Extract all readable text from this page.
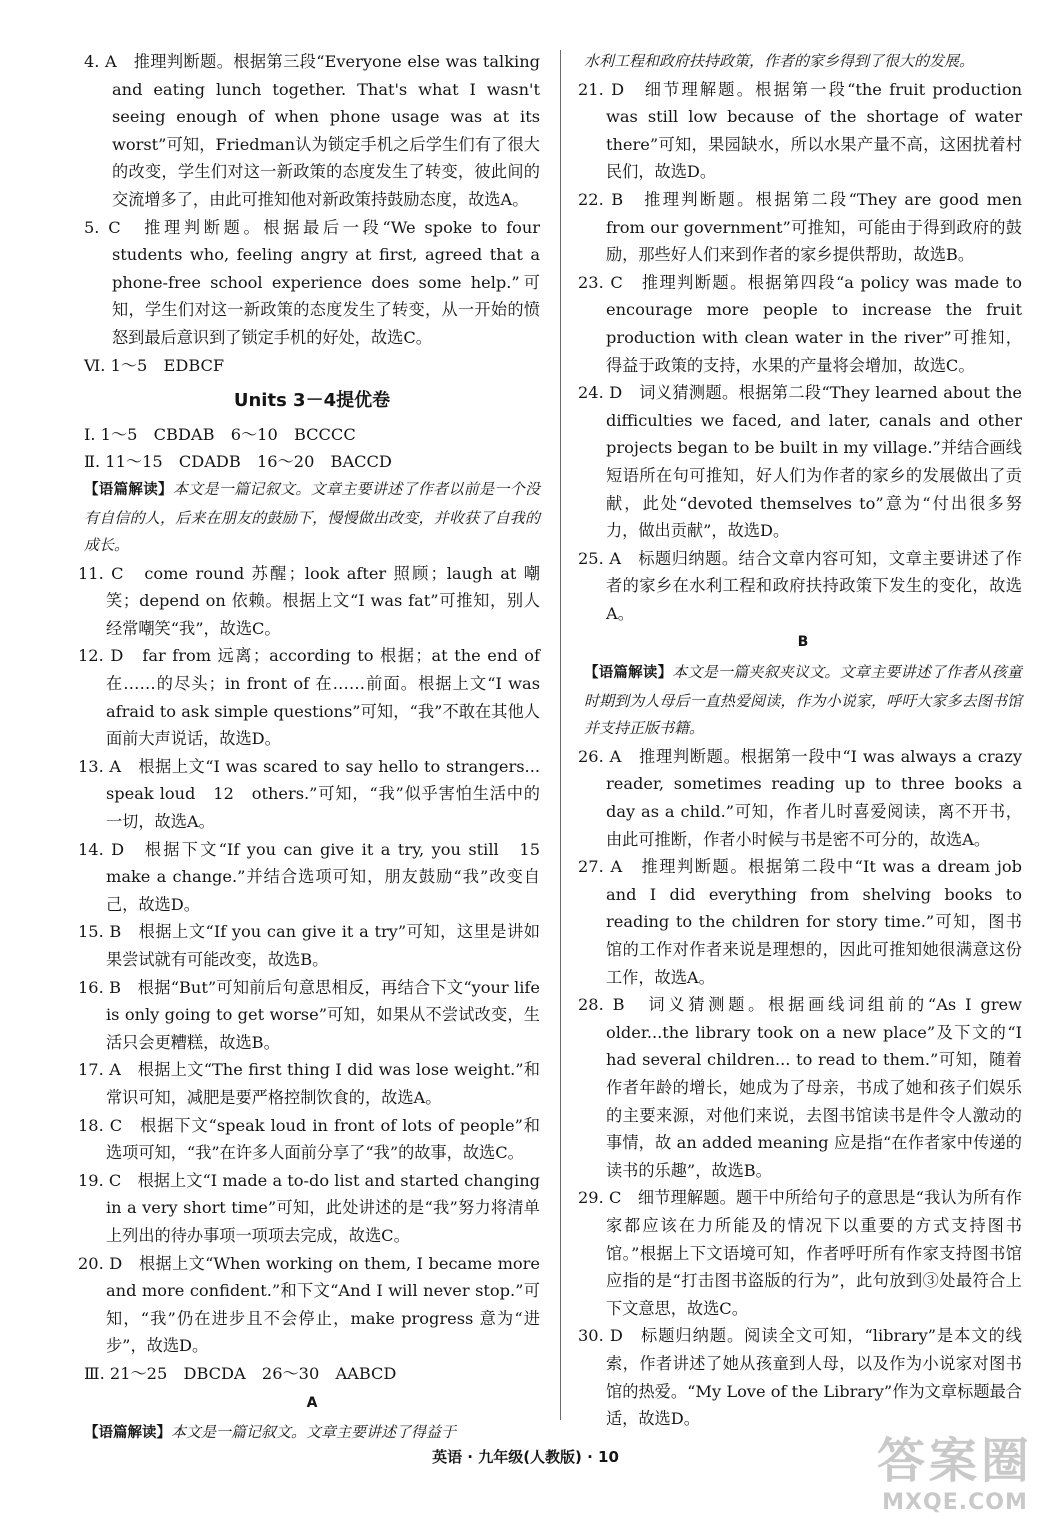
4. A　推理判断题。根据第三段“Everyone else was talking and eating lunch together. That's what I wasn't seeing enough of when phone usage was at its worst”可知，Friedman认为锁定手机之后学生们有了很大的改变，学生们对这一新政策的态度发生了转变，彼此间的交流增多了，由此可推知他对新政策持鼓励态度，故选A。

5. C　推理判断题。根据最后一段“We spoke to four students who, feeling angry at first, agreed that a phone-free school experience does some help.”可知，学生们对这一新政策的态度发生了转变，从一开始的愤怒到最后意识到了锁定手机的好处，故选C。

Ⅵ. 1～5　EDBCF

Units 3－4提优卷

Ⅰ. 1～5　CBDAB　6～10　BCCCC

Ⅱ. 11～15　CDADB　16～20　BACCD

【语篇解读】本文是一篇记叙文。文章主要讲述了作者以前是一个没有自信的人，后来在朋友的鼓励下，慢慢做出改变，并收获了自我的成长。

11. C　come round 苏醒；look after 照顾；laugh at 嘲笑；depend on 依赖。根据上文“I was fat”可推知，别人经常嘲笑“我”，故选C。

12. D　far from 远离；according to 根据；at the end of 在……的尽头；in front of 在……前面。根据上文“I was afraid to ask simple questions”可知，“我”不敢在其他人面前大声说话，故选D。

13. A　根据上文“I was scared to say hello to strangers... speak loud　12　others.”可知，“我”似乎害怕生活中的一切，故选A。

14. D　根据下文“If you can give it a try, you still　15　make a change.”并结合选项可知，朋友鼓励“我”改变自己，故选D。

15. B　根据上文“If you can give it a try”可知，这里是讲如果尝试就有可能改变，故选B。

16. B　根据“But”可知前后句意思相反，再结合下文“your life is only going to get worse”可知，如果从不尝试改变，生活只会更糟糕，故选B。

17. A　根据上文“The first thing I did was lose weight.”和常识可知，减肥是要严格控制饮食的，故选A。

18. C　根据下文“speak loud in front of lots of people”和选项可知，“我”在许多人面前分享了“我”的故事，故选C。

19. C　根据上文“I made a to-do list and started changing in a very short time”可知，此处讲述的是“我”努力将清单上列出的待办事项一项项去完成，故选C。

20. D　根据上文“When working on them, I became more and more confident.”和下文“And I will never stop.”可知，“我”仍在进步且不会停止，make progress 意为“进步”，故选D。

Ⅲ. 21～25　DBCDA　26～30　AABCD

A

【语篇解读】本文是一篇记叙文。文章主要讲述了得益于

水利工程和政府扶持政策，作者的家乡得到了很大的发展。

21. D　细节理解题。根据第一段“the fruit production was still low because of the shortage of water there”可知，果园缺水，所以水果产量不高，这困扰着村民们，故选D。

22. B　推理判断题。根据第二段“They are good men from our government”可推知，可能由于得到政府的鼓励，那些好人们来到作者的家乡提供帮助，故选B。

23. C　推理判断题。根据第四段“a policy was made to encourage more people to increase the fruit production with clean water in the river”可推知，得益于政策的支持，水果的产量将会增加，故选C。

24. D　词义猜测题。根据第二段“They learned about the difficulties we faced, and later, canals and other projects began to be built in my village.”并结合画线短语所在句可推知，好人们为作者的家乡的发展做出了贡献，此处“devoted themselves to”意为“付出很多努力，做出贡献”，故选D。

25. A　标题归纳题。结合文章内容可知，文章主要讲述了作者的家乡在水利工程和政府扶持政策下发生的变化，故选A。

B

【语篇解读】本文是一篇夹叙夹议文。文章主要讲述了作者从孩童时期到为人母后一直热爱阅读，作为小说家，呼吁大家多去图书馆并支持正版书籍。

26. A　推理判断题。根据第一段中“I was always a crazy reader, sometimes reading up to three books a day as a child.”可知，作者儿时喜爱阅读，离不开书，由此可推断，作者小时候与书是密不可分的，故选A。

27. A　推理判断题。根据第二段中“It was a dream job and I did everything from shelving books to reading to the children for story time.”可知，图书馆的工作对作者来说是理想的，因此可推知她很满意这份工作，故选A。

28. B　词义猜测题。根据画线词组前的“As I grew older...the library took on a new place”及下文的“I had several children... to read to them.”可知，随着作者年龄的增长，她成为了母亲，书成了她和孩子们娱乐的主要来源，对他们来说，去图书馆读书是件令人激动的事情，故 an added meaning 应是指“在作者家中传递的读书的乐趣”，故选B。

29. C　细节理解题。题干中所给句子的意思是“我认为所有作家都应该在力所能及的情况下以重要的方式支持图书馆。”根据上下文语境可知，作者呼吁所有作家支持图书馆应指的是“打击图书盗版的行为”，此句放到③处最符合上下文意思，故选C。

30. D　标题归纳题。阅读全文可知，“library”是本文的线索，作者讲述了她从孩童到人母，以及作为小说家对图书馆的热爱。“My Love of the Library”作为文章标题最合适，故选D。

英语 · 九年级(人教版) · 10	答案圈
MXQE.COM
